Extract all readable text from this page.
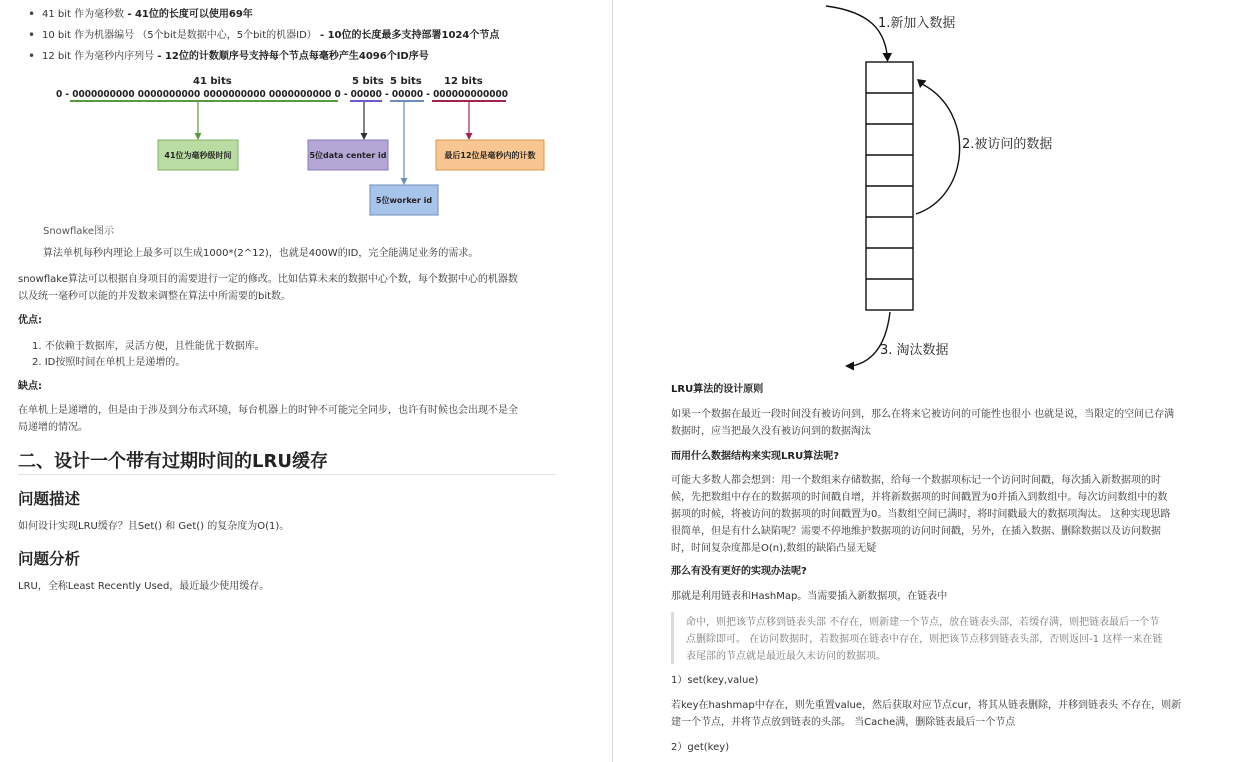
• 41 bit 作为毫秒数 - 41位的长度可以使用69年
• 10 bit 作为机器编号 （5个bit是数据中心，5个bit的机器ID） - 10位的长度最多支持部署1024个节点
• 12 bit 作为毫秒内序列号 - 12位的计数顺序号支持每个节点每毫秒产生4096个ID序号
41 bits	5 bits 5 bits 12 bits
0 - 0000000000 0000000000 0000000000 0000000000 0 - 00000 - 00000 - 000000000000
41位为毫秒级时间	5位data center id
5位worker id
最后12位是毫秒内的计数
Snowflake图示
算法单机每秒内理论上最多可以生成1000*(2^12)，也就是400W的ID，完全能满足业务的需求。
snowflake算法可以根据自身项目的需要进行一定的修改。比如估算未来的数据中心个数，每个数据中心的机器数
以及统一毫秒可以能的并发数来调整在算法中所需要的bit数。
优点:
1. 不依赖于数据库，灵活方便，且性能优于数据库。
2. ID按照时间在单机上是递增的。
缺点:
在单机上是递增的，但是由于涉及到分布式环境，每台机器上的时钟不可能完全同步，也许有时候也会出现不是全
局递增的情况。
二、设计一个带有过期时间的LRU缓存
问题描述
如何设计实现LRU缓存？且Set() 和 Get() 的复杂度为O(1)。
问题分析
LRU，全称Least Recently Used，最近最少使用缓存。
1.新加入数据
2.被访问的数据
3. 淘汰数据
LRU算法的设计原则
如果一个数据在最近一段时间没有被访问到，那么在将来它被访问的可能性也很小 也就是说，当限定的空间已存满
数据时，应当把最久没有被访问到的数据淘汰
而用什么数据结构来实现LRU算法呢?
可能大多数人都会想到：用一个数组来存储数据，给每一个数据项标记一个访问时间戳，每次插入新数据项的时
候，先把数组中存在的数据项的时间戳自增，并将新数据项的时间戳置为0并插入到数组中。每次访问数组中的数
据项的时候，将被访问的数据项的时间戳置为0。当数组空间已满时，将时间戳最大的数据项淘汰。 这种实现思路
很简单，但是有什么缺陷呢？需要不停地维护数据项的访问时间戳，另外，在插入数据、删除数据以及访问数据
时，时间复杂度都是O(n),数组的缺陷凸显无疑
那么有没有更好的实现办法呢?
那就是利用链表和HashMap。当需要插入新数据项，在链表中
命中，则把该节点移到链表头部 不存在，则新建一个节点，放在链表头部，若缓存满，则把链表最后一个节
点删除即可。 在访问数据时，若数据项在链表中存在，则把该节点移到链表头部，否则返回-1 这样一来在链
表尾部的节点就是最近最久未访问的数据项。
1）set(key,value)
若key在hashmap中存在，则先重置value，然后获取对应节点cur，将其从链表删除，并移到链表头 不存在，则新
建一个节点，并将节点放到链表的头部。 当Cache满，删除链表最后一个节点
2）get(key)
